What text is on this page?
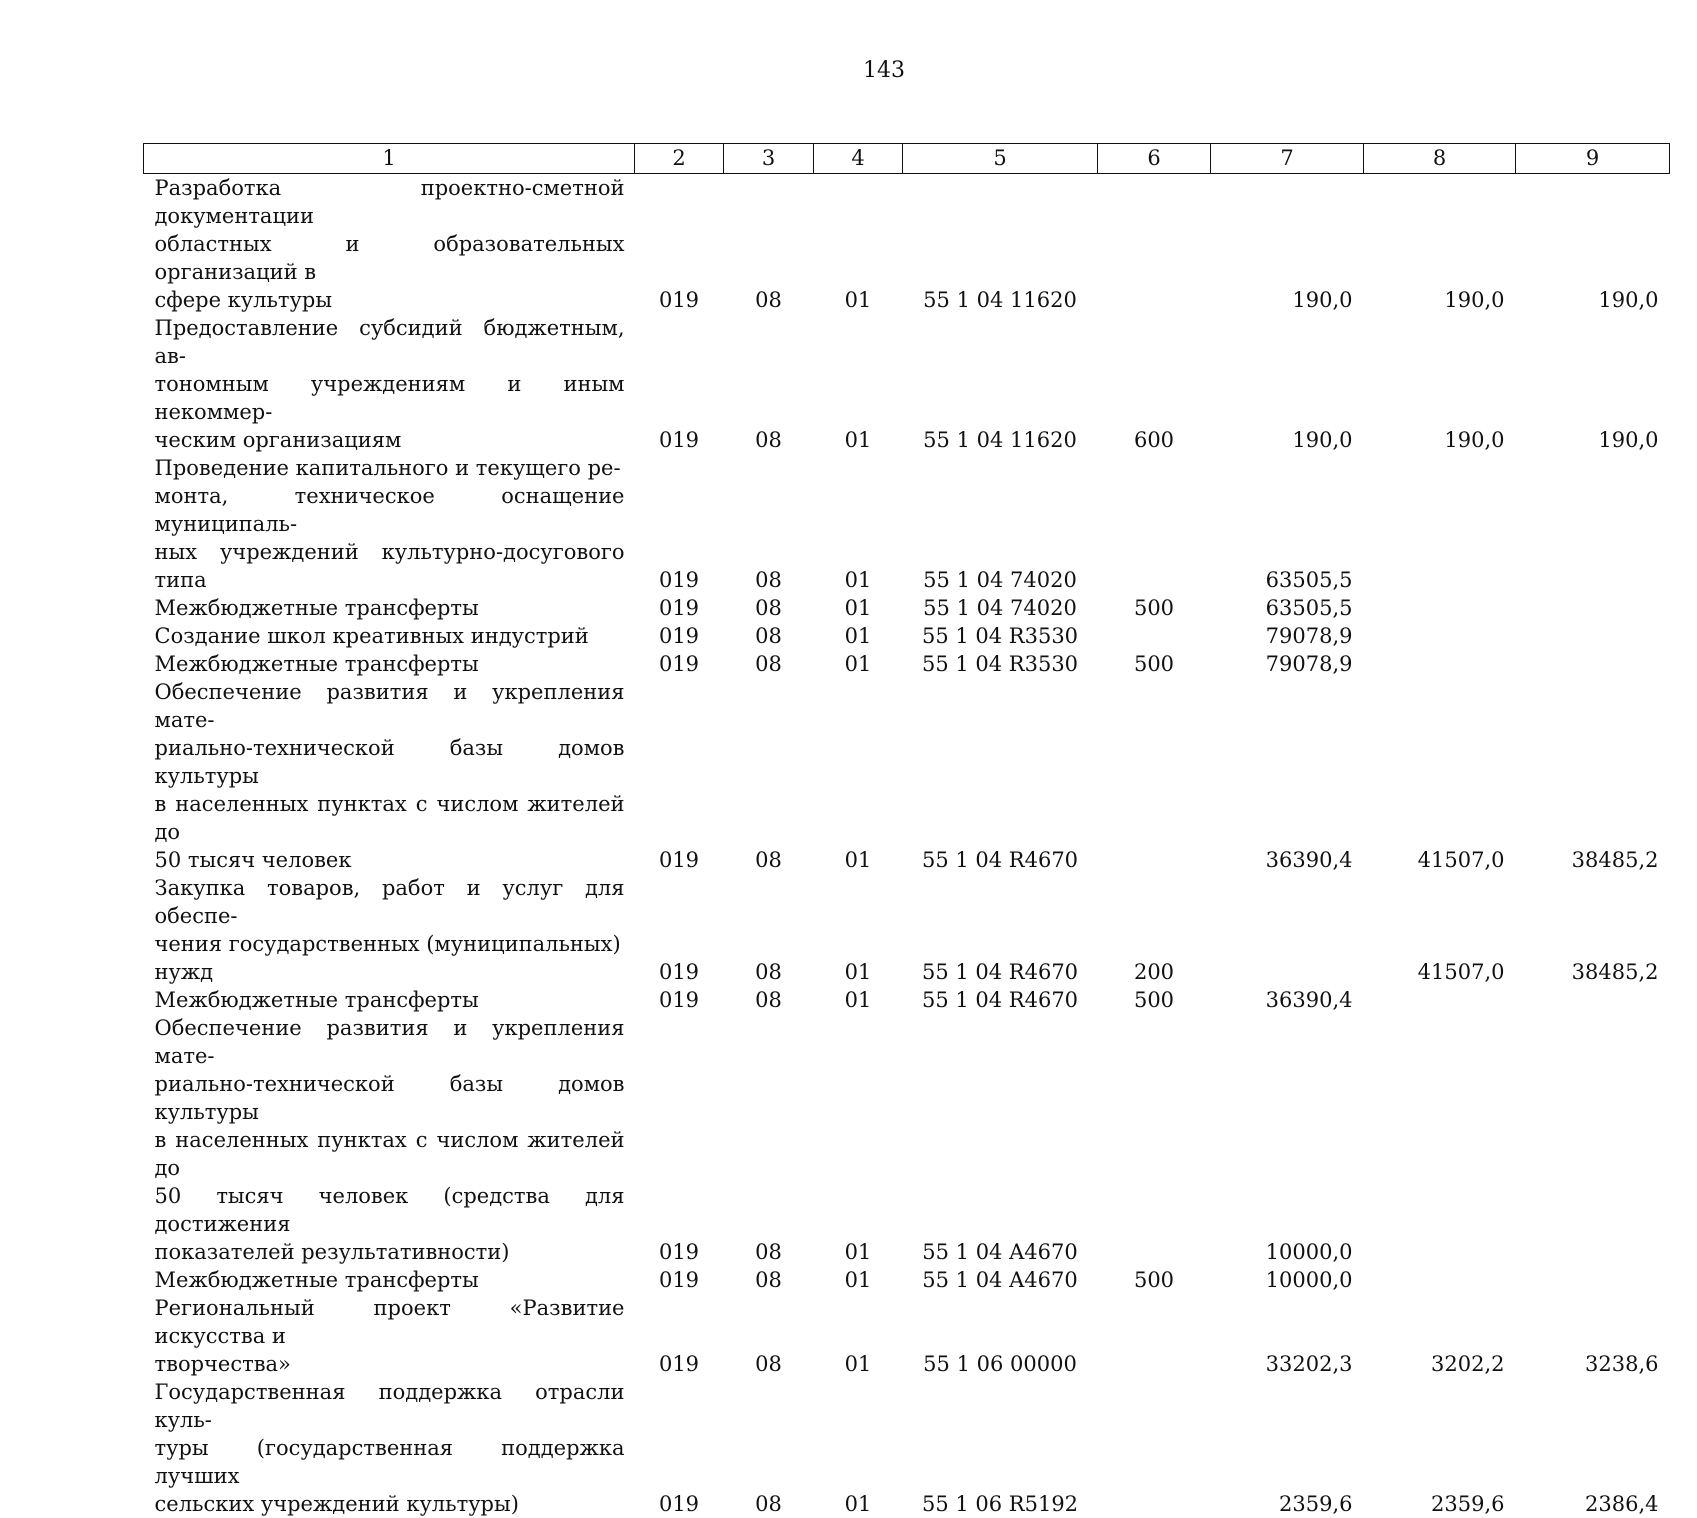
143
1	2	3	4	5	6	7	8	9

Разработка проектно-сметной документации
областных и образовательных организаций в
сфере культуры	019	08	01	55 1 04 11620		190,0	190,0	190,0

Предоставление субсидий бюджетным, ав-
тономным учреждениям и иным некоммер-
ческим организациям	019	08	01	55 1 04 11620	600	190,0	190,0	190,0

Проведение капитального и текущего ре-
монта, техническое оснащение муниципаль-
ных учреждений культурно-досугового типа	019	08	01	55 1 04 74020		63505,5		

Межбюджетные трансферты	019	08	01	55 1 04 74020	500	63505,5		

Создание школ креативных индустрий	019	08	01	55 1 04 R3530		79078,9		

Межбюджетные трансферты	019	08	01	55 1 04 R3530	500	79078,9		

Обеспечение развития и укрепления мате-
риально-технической базы домов культуры
в населенных пунктах с числом жителей до
50 тысяч человек	019	08	01	55 1 04 R4670		36390,4	41507,0	38485,2

Закупка товаров, работ и услуг для обеспе-
чения государственных (муниципальных)
нужд	019	08	01	55 1 04 R4670	200		41507,0	38485,2

Межбюджетные трансферты	019	08	01	55 1 04 R4670	500	36390,4		

Обеспечение развития и укрепления мате-
риально-технической базы домов культуры
в населенных пунктах с числом жителей до
50 тысяч человек (средства для достижения
показателей результативности)	019	08	01	55 1 04 A4670		10000,0		

Межбюджетные трансферты	019	08	01	55 1 04 A4670	500	10000,0		

Региональный проект «Развитие искусства и
творчества»	019	08	01	55 1 06 00000		33202,3	3202,2	3238,6

Государственная поддержка отрасли куль-
туры (государственная поддержка лучших
сельских учреждений культуры)	019	08	01	55 1 06 R5192		2359,6	2359,6	2386,4
